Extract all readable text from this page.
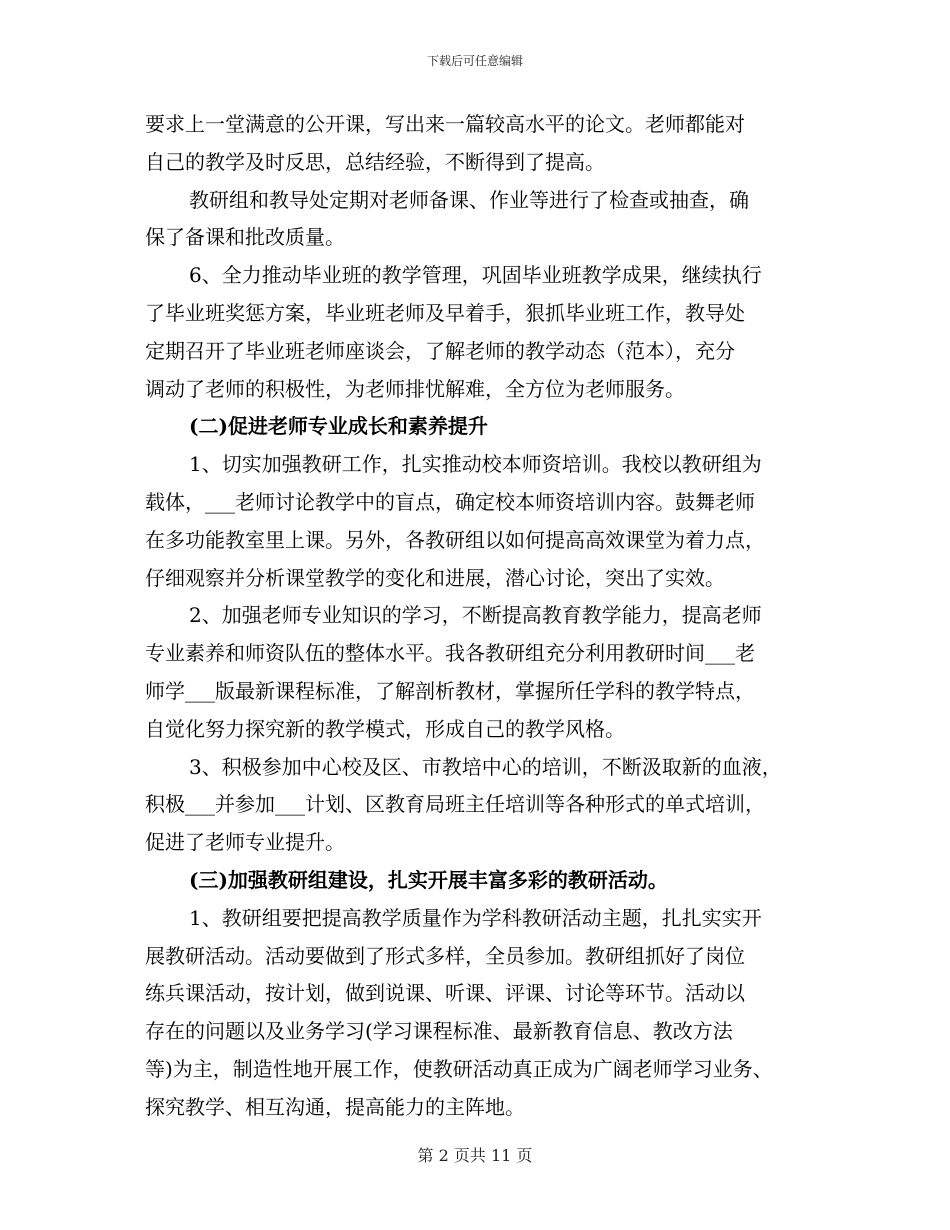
下载后可任意编辑
要求上一堂满意的公开课，写出来一篇较高水平的论文。老师都能对
自己的教学及时反思，总结经验，不断得到了提高。
教研组和教导处定期对老师备课、作业等进行了检查或抽查，确
保了备课和批改质量。
6、全力推动毕业班的教学管理，巩固毕业班教学成果，继续执行
了毕业班奖惩方案，毕业班老师及早着手，狠抓毕业班工作，教导处
定期召开了毕业班老师座谈会，了解老师的教学动态（范本），充分
调动了老师的积极性，为老师排忧解难，全方位为老师服务。
(二)促进老师专业成长和素养提升
1、切实加强教研工作，扎实推动校本师资培训。我校以教研组为
载体，___老师讨论教学中的盲点，确定校本师资培训内容。鼓舞老师
在多功能教室里上课。另外，各教研组以如何提高高效课堂为着力点，
仔细观察并分析课堂教学的变化和进展，潜心讨论，突出了实效。
2、加强老师专业知识的学习，不断提高教育教学能力，提高老师
专业素养和师资队伍的整体水平。我各教研组充分利用教研时间___老
师学___版最新课程标准，了解剖析教材，掌握所任学科的教学特点，
自觉化努力探究新的教学模式，形成自己的教学风格。
3、积极参加中心校及区、市教培中心的培训，不断汲取新的血液，
积极___并参加___计划、区教育局班主任培训等各种形式的单式培训，
促进了老师专业提升。
(三)加强教研组建设，扎实开展丰富多彩的教研活动。
1、教研组要把提高教学质量作为学科教研活动主题，扎扎实实开
展教研活动。活动要做到了形式多样，全员参加。教研组抓好了岗位
练兵课活动，按计划，做到说课、听课、评课、讨论等环节。活动以
存在的问题以及业务学习(学习课程标准、最新教育信息、教改方法
等)为主，制造性地开展工作，使教研活动真正成为广阔老师学习业务、
探究教学、相互沟通，提高能力的主阵地。
第 2 页共 11 页
